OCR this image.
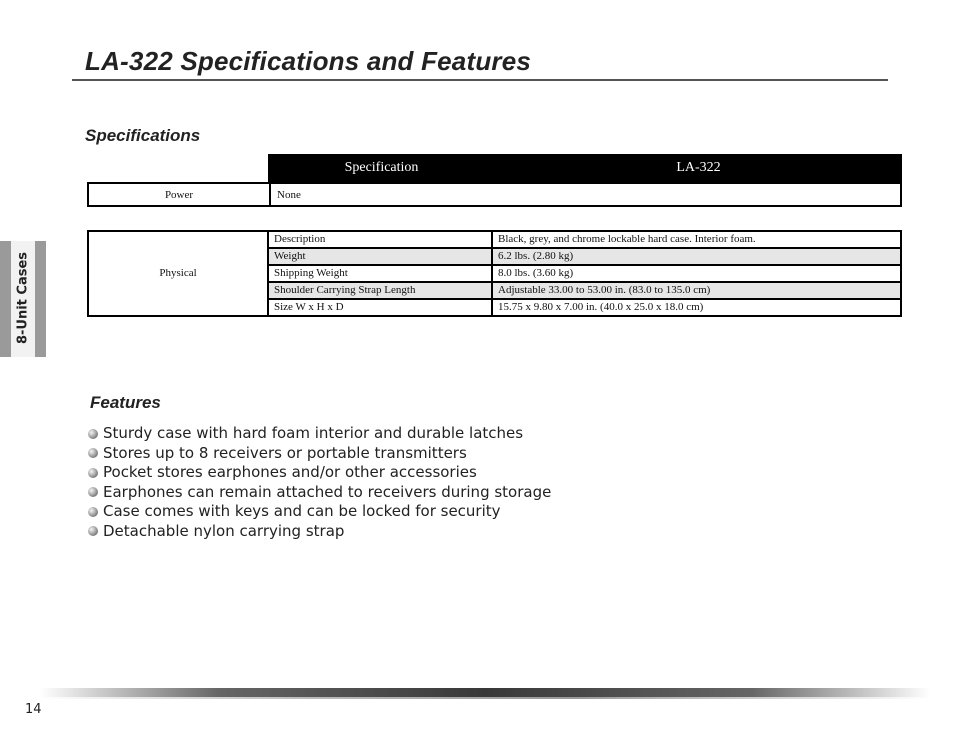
LA-322 Specifications and Features
8-Unit Cases
Specifications
Specification	LA-322
Power	None
Physical	Description	Black, grey, and chrome lockable hard case. Interior foam.
	Weight	6.2 lbs. (2.80 kg)
	Shipping Weight	8.0 lbs. (3.60 kg)
	Shoulder Carrying Strap Length	Adjustable 33.00 to 53.00 in. (83.0 to 135.0 cm)
	Size W x H x D	15.75 x 9.80 x 7.00 in. (40.0 x 25.0 x 18.0 cm)
Features
Sturdy case with hard foam interior and durable latches
Stores up to 8 receivers or portable transmitters
Pocket stores earphones and/or other accessories
Earphones can remain attached to receivers during storage
Case comes with keys and can be locked for security
Detachable nylon carrying strap
14
